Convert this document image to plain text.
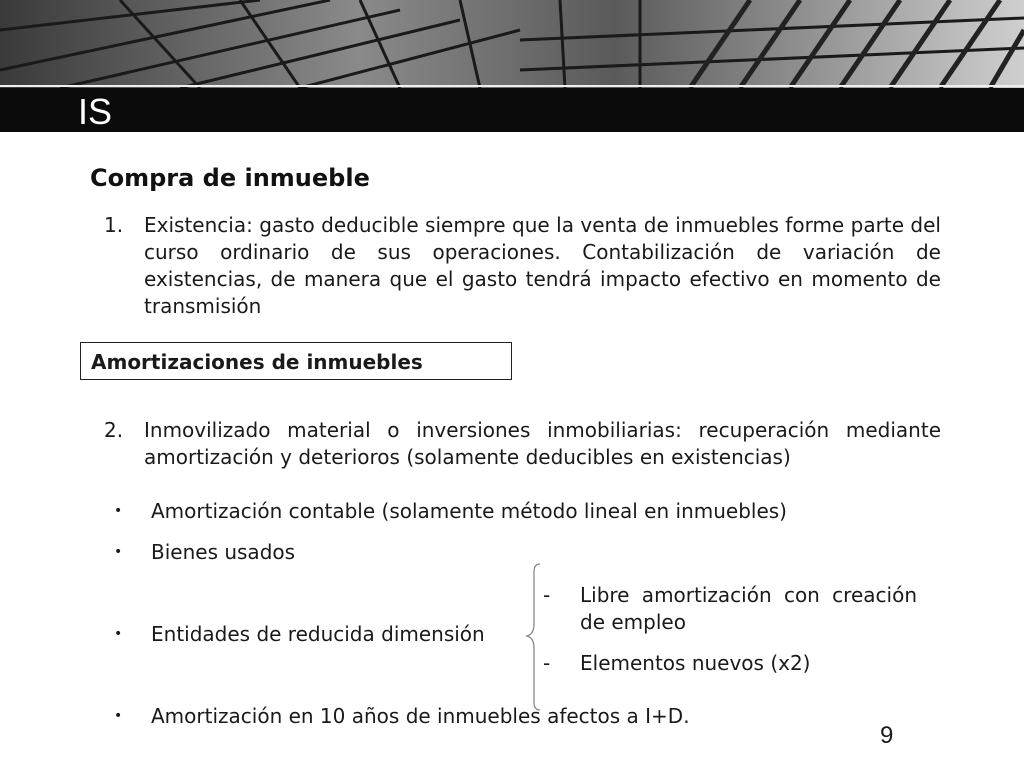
IS
Compra de inmueble
1. Existencia: gasto deducible siempre que la venta de inmuebles forme parte del curso ordinario de sus operaciones. Contabilización de variación de existencias, de manera que el gasto tendrá impacto efectivo en momento de transmisión
Amortizaciones de inmuebles
2. Inmovilizado material o inversiones inmobiliarias: recuperación mediante amortización y deterioros (solamente deducibles en existencias)
• Amortización contable (solamente método lineal en inmuebles)
• Bienes usados
• Entidades de reducida dimensión
• Amortización en 10 años de inmuebles afectos a I+D.
- Libre amortización con creación de empleo
- Elementos nuevos (x2)
9
